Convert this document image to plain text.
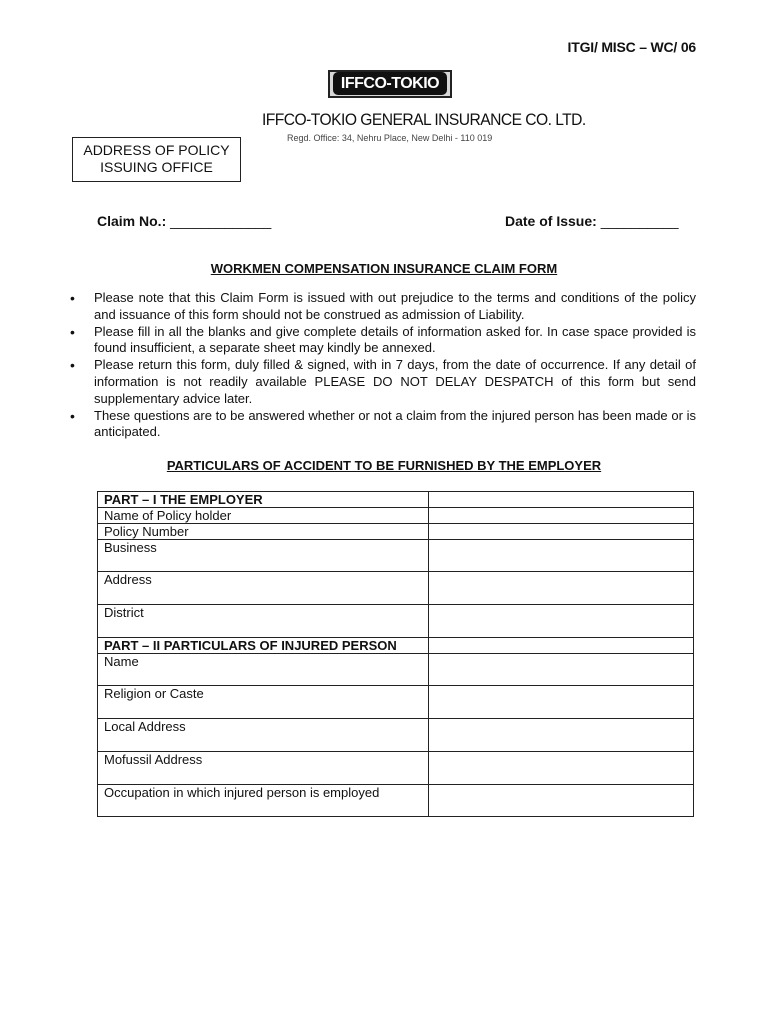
ITGI/ MISC – WC/ 06
IFFCO-TOKIO
IFFCO-TOKIO GENERAL INSURANCE CO. LTD.
Regd. Office: 34, Nehru Place, New Delhi - 110 019
ADDRESS OF POLICY
ISSUING OFFICE
Claim No.: _____________	Date of Issue: __________
WORKMEN COMPENSATION INSURANCE CLAIM FORM
• Please note that this Claim Form is issued with out prejudice to the terms and conditions of the policy and issuance of this form should not be construed as admission of Liability.
• Please fill in all the blanks and give complete details of information asked for. In case space provided is found insufficient, a separate sheet may kindly be annexed.
• Please return this form, duly filled & signed, with in 7 days, from the date of occurrence. If any detail of information is not readily available PLEASE DO NOT DELAY DESPATCH of this form but send supplementary advice later.
• These questions are to be answered whether or not a claim from the injured person has been made or is anticipated.
PARTICULARS OF ACCIDENT TO BE FURNISHED BY THE EMPLOYER
PART – I THE EMPLOYER	
Name of Policy holder	
Policy Number	
Business	
Address	
District	
PART – II PARTICULARS OF INJURED PERSON	
Name	
Religion or Caste	
Local Address	
Mofussil Address	
Occupation in which injured person is employed	
